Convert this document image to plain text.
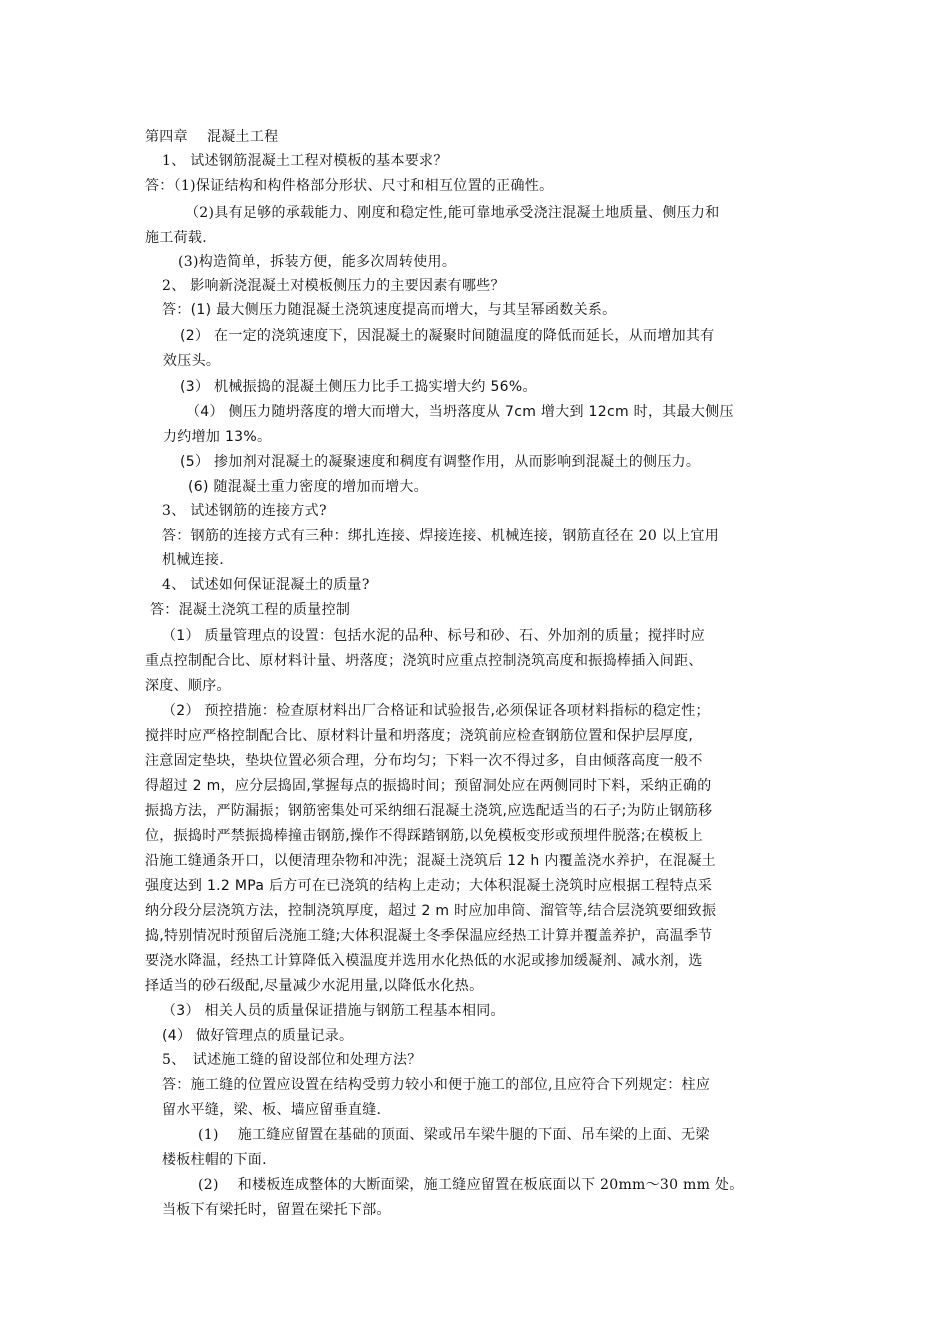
第四章　 混凝土工程
1、 试述钢筋混凝土工程对模板的基本要求？
答：（1)保证结构和构件格部分形状、尺寸和相互位置的正确性。
（2)具有足够的承载能力、刚度和稳定性,能可靠地承受浇注混凝土地质量、侧压力和
施工荷载.
(3)构造简单，拆装方便，能多次周转使用。
2、 影响新浇混凝土对模板侧压力的主要因素有哪些？
答：(1) 最大侧压力随混凝土浇筑速度提高而增大，与其呈幂函数关系。
(2） 在一定的浇筑速度下，因混凝土的凝聚时间随温度的降低而延长，从而增加其有
效压头。
(3） 机械振捣的混凝土侧压力比手工捣实增大约 56%。
（4） 侧压力随坍落度的增大而增大，当坍落度从 7cm 增大到 12cm 时，其最大侧压
力约增加 13%。
(5） 掺加剂对混凝土的凝聚速度和稠度有调整作用，从而影响到混凝土的侧压力。
(6) 随混凝土重力密度的增加而增大。
3、 试述钢筋的连接方式?
答：钢筋的连接方式有三种：绑扎连接、焊接连接、机械连接，钢筋直径在 20 以上宜用
机械连接.
4、 试述如何保证混凝土的质量?
答：混凝土浇筑工程的质量控制
（1） 质量管理点的设置：包括水泥的品种、标号和砂、石、外加剂的质量；搅拌时应
重点控制配合比、原材料计量、坍落度；浇筑时应重点控制浇筑高度和振捣棒插入间距、
深度、顺序。
（2） 预控措施：检查原材料出厂合格证和试验报告,必须保证各项材料指标的稳定性；
搅拌时应严格控制配合比、原材料计量和坍落度；浇筑前应检查钢筋位置和保护层厚度,
注意固定垫块，垫块位置必须合理，分布均匀；下料一次不得过多，自由倾落高度一般不
得超过 2 m，应分层捣固,掌握每点的振捣时间；预留洞处应在两侧同时下料，采纳正确的
振捣方法，严防漏振；钢筋密集处可采纳细石混凝土浇筑,应选配适当的石子;为防止钢筋移
位，振捣时严禁振捣棒撞击钢筋,操作不得踩踏钢筋,以免模板变形或预埋件脱落;在模板上
沿施工缝通条开口，以便清理杂物和冲洗；混凝土浇筑后 12 h 内覆盖浇水养护，在混凝土
强度达到 1.2 MPa 后方可在已浇筑的结构上走动；大体积混凝土浇筑时应根据工程特点采
纳分段分层浇筑方法，控制浇筑厚度，超过 2 m 时应加串筒、溜管等,结合层浇筑要细致振
捣,特别情况时预留后浇施工缝;大体积混凝土冬季保温应经热工计算并覆盖养护，高温季节
要浇水降温，经热工计算降低入模温度并选用水化热低的水泥或掺加缓凝剂、减水剂，选
择适当的砂石级配,尽量减少水泥用量,以降低水化热。
（3） 相关人员的质量保证措施与钢筋工程基本相同。
(4） 做好管理点的质量记录。
5、　试述施工缝的留设部位和处理方法？
答：施工缝的位置应设置在结构受剪力较小和便于施工的部位,且应符合下列规定：柱应
留水平缝，梁、板、墙应留垂直缝.
(1)　 施工缝应留置在基础的顶面、梁或吊车梁牛腿的下面、吊车梁的上面、无梁
楼板柱帽的下面.
(2)　 和楼板连成整体的大断面梁，施工缝应留置在板底面以下 20mm～30 mm 处。
当板下有梁托时，留置在梁托下部。
